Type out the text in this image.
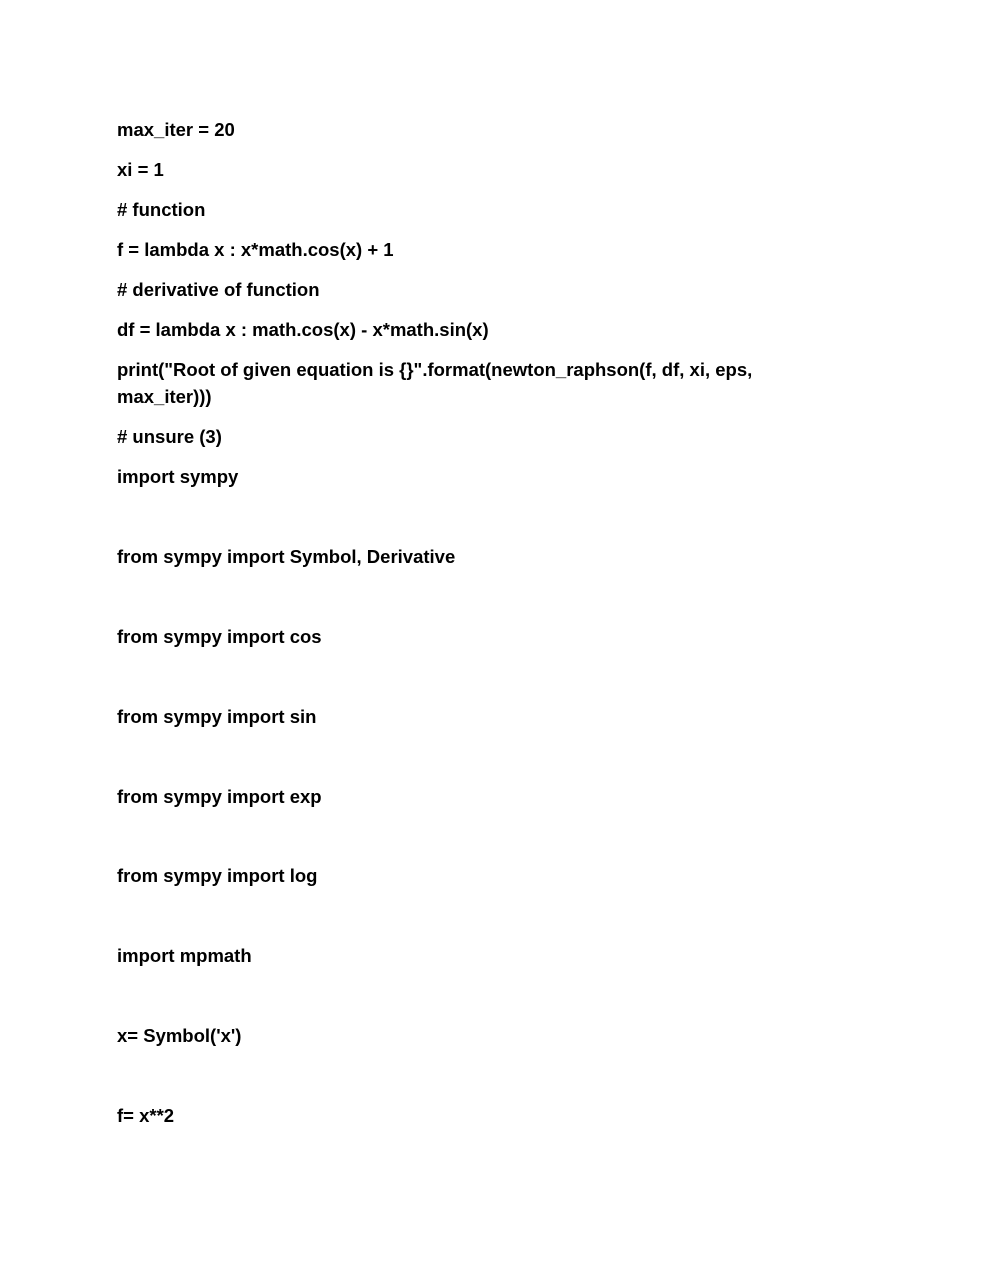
max_iter = 20

xi = 1

# function

f = lambda x : x*math.cos(x) + 1

# derivative of function

df = lambda x : math.cos(x) - x*math.sin(x)

print("Root of given equation is {}".format(newton_raphson(f, df, xi, eps,

max_iter)))

# unsure (3)

import sympy

from sympy import Symbol, Derivative

from sympy import cos

from sympy import sin

from sympy import exp

from sympy import log

import mpmath

x= Symbol('x')

f= x**2
